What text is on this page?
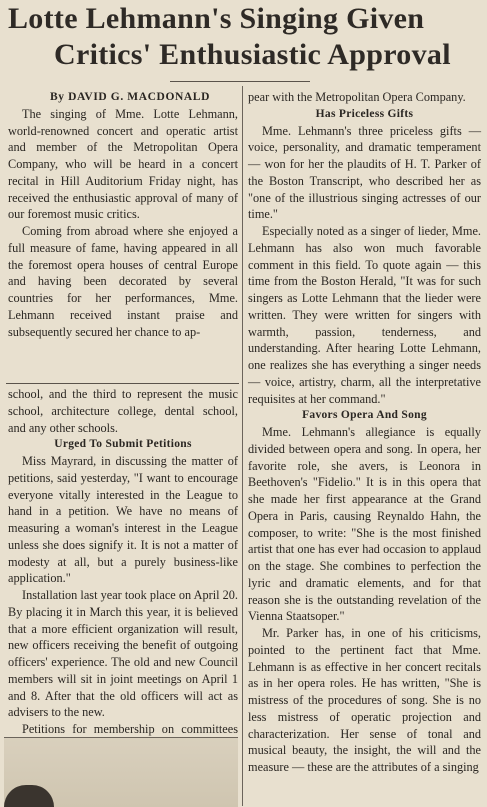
Lotte Lehmann's Singing Given
Critics' Enthusiastic Approval

By DAVID G. MACDONALD

The singing of Mme. Lotte Lehmann, world-renowned concert and operatic artist and member of the Metropolitan Opera Company, who will be heard in a concert recital in Hill Auditorium Friday night, has received the enthusiastic approval of many of our foremost music critics.

Coming from abroad where she enjoyed a full measure of fame, having appeared in all the foremost opera houses of central Europe and having been decorated by several countries for her performances, Mme. Lehmann received instant praise and subsequently secured her chance to ap-

school, and the third to represent the music school, architecture college, dental school, and any other schools.

Urged To Submit Petitions

Miss Mayrard, in discussing the matter of petitions, said yesterday, "I want to encourage everyone vitally interested in the League to hand in a petition. We have no means of measuring a woman's interest in the League unless she does signify it. It is not a matter of modesty at all, but a purely business-like application."

Installation last year took place on April 20. By placing it in March this year, it is believed that a more efficient organization will result, new officers receiving the benefit of outgoing officers' experience. The old and new Council members will sit in joint meetings on April 1 and 8. After that the old officers will act as advisers to the new.

Petitions for membership on committees

pear with the Metropolitan Opera Company.

Has Priceless Gifts

Mme. Lehmann's three priceless gifts — voice, personality, and dramatic temperament — won for her the plaudits of H. T. Parker of the Boston Transcript, who described her as "one of the illustrious singing actresses of our time."

Especially noted as a singer of lieder, Mme. Lehmann has also won much favorable comment in this field. To quote again — this time from the Boston Herald, "It was for such singers as Lotte Lehmann that the lieder were written. They were written for singers with warmth, passion, tenderness, and understanding. After hearing Lotte Lehmann, one realizes she has everything a singer needs — voice, artistry, charm, all the interpretative requisites at her command."

Favors Opera And Song

Mme. Lehmann's allegiance is equally divided between opera and song. In opera, her favorite role, she avers, is Leonora in Beethoven's "Fidelio." It is in this opera that she made her first appearance at the Grand Opera in Paris, causing Reynaldo Hahn, the composer, to write: "She is the most finished artist that one has ever had occasion to applaud on the stage. She combines to perfection the lyric and dramatic elements, and for that reason she is the outstanding revelation of the Vienna Staatsoper."

Mr. Parker has, in one of his criticisms, pointed to the pertinent fact that Mme. Lehmann is as effective in her concert recitals as in her opera roles. He has written, "She is mistress of the procedures of song. She is no less mistress of operatic projection and characterization. Her sense of tonal and musical beauty, the insight, the will and the measure — these are the attributes of a singing
